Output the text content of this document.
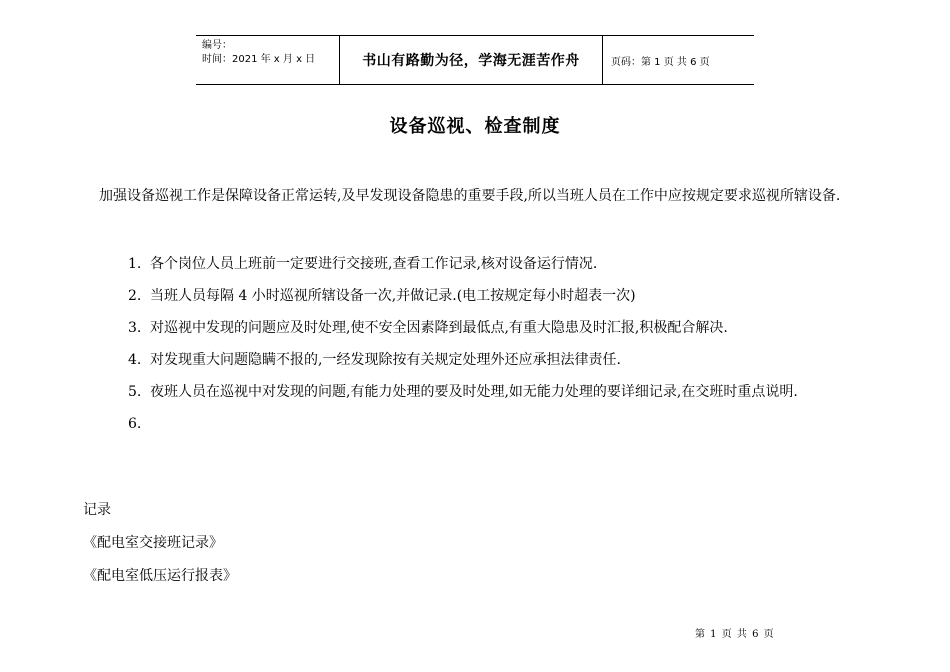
编号：
时间：2021 年 x 月 x 日	书山有路勤为径，学海无涯苦作舟	页码：第 1 页 共 6 页
设备巡视、检查制度
加强设备巡视工作是保障设备正常运转,及早发现设备隐患的重要手段,所以当班人员在工作中应按规定要求巡视所辖设备.
1. 各个岗位人员上班前一定要进行交接班,查看工作记录,核对设备运行情况.
2. 当班人员每隔 4 小时巡视所辖设备一次,并做记录.(电工按规定每小时超表一次)
3. 对巡视中发现的问题应及时处理,使不安全因素降到最低点,有重大隐患及时汇报,积极配合解决.
4. 对发现重大问题隐瞒不报的,一经发现除按有关规定处理外还应承担法律责任.
5. 夜班人员在巡视中对发现的问题,有能力处理的要及时处理,如无能力处理的要详细记录,在交班时重点说明.
6.
记录
《配电室交接班记录》
《配电室低压运行报表》
第 1 页 共 6 页
